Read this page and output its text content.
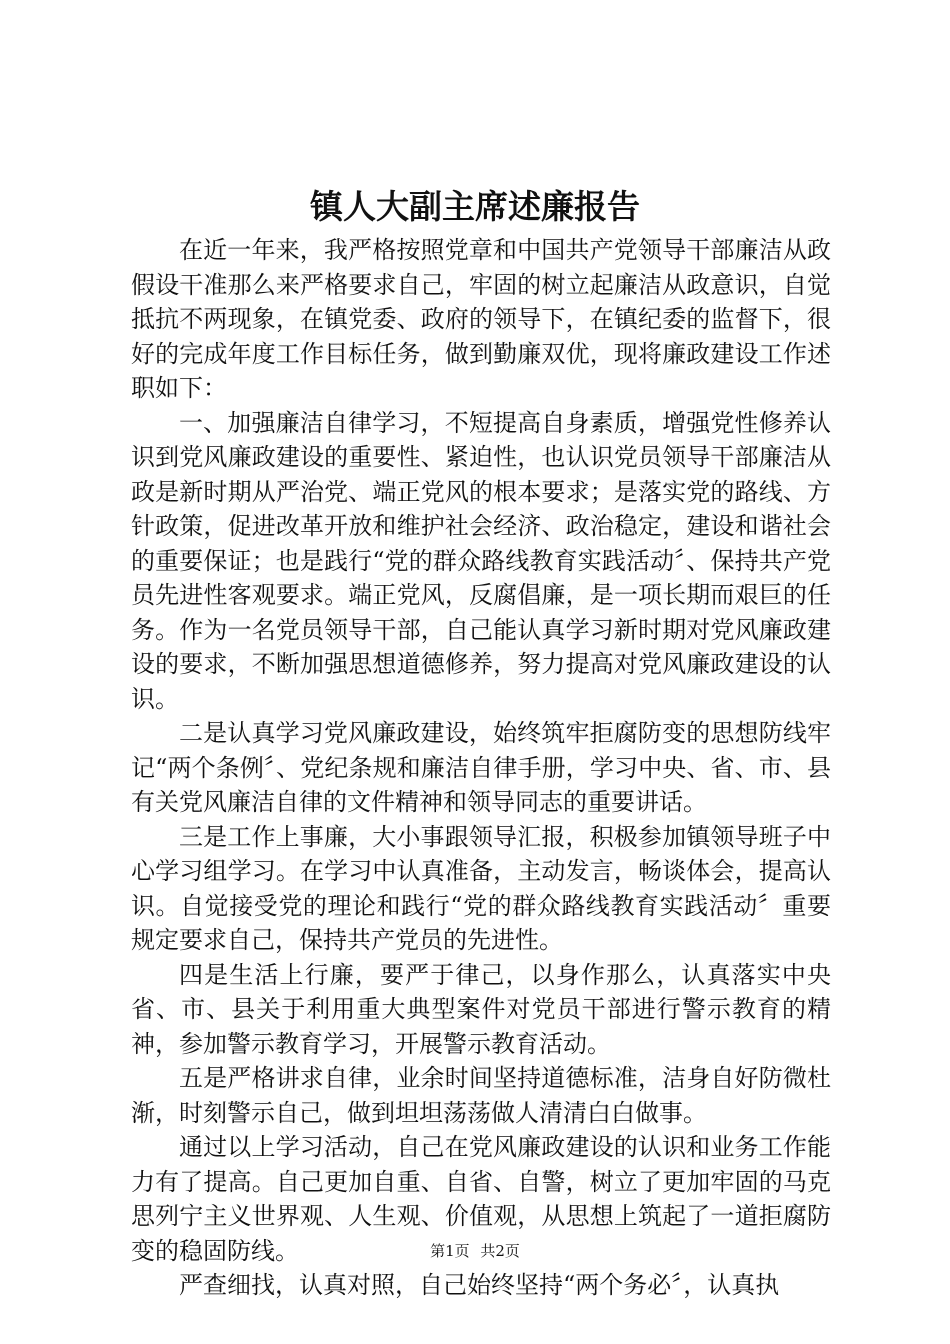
镇人大副主席述廉报告

在近一年来，我严格按照党章和中国共产党领导干部廉洁从政假设干准那么来严格要求自己，牢固的树立起廉洁从政意识，自觉抵抗不两现象，在镇党委、政府的领导下，在镇纪委的监督下，很好的完成年度工作目标任务，做到勤廉双优，现将廉政建设工作述职如下：

一、加强廉洁自律学习，不短提高自身素质，增强党性修养认识到党风廉政建设的重要性、紧迫性，也认识党员领导干部廉洁从政是新时期从严治党、端正党风的根本要求；是落实党的路线、方针政策，促进改革开放和维护社会经济、政治稳定，建设和谐社会的重要保证；也是践行“党的群众路线教育实践活动〞、保持共产党员先进性客观要求。端正党风，反腐倡廉，是一项长期而艰巨的任务。作为一名党员领导干部，自己能认真学习新时期对党风廉政建设的要求，不断加强思想道德修养，努力提高对党风廉政建设的认识。

二是认真学习党风廉政建设，始终筑牢拒腐防变的思想防线牢记“两个条例〞、党纪条规和廉洁自律手册，学习中央、省、市、县有关党风廉洁自律的文件精神和领导同志的重要讲话。

三是工作上事廉，大小事跟领导汇报，积极参加镇领导班子中心学习组学习。在学习中认真准备，主动发言，畅谈体会，提高认识。自觉接受党的理论和践行“党的群众路线教育实践活动〞重要规定要求自己，保持共产党员的先进性。

四是生活上行廉，要严于律己，以身作那么，认真落实中央省、市、县关于利用重大典型案件对党员干部进行警示教育的精神，参加警示教育学习，开展警示教育活动。

五是严格讲求自律，业余时间坚持道德标准，洁身自好防微杜渐，时刻警示自己，做到坦坦荡荡做人清清白白做事。

通过以上学习活动，自己在党风廉政建设的认识和业务工作能力有了提高。自己更加自重、自省、自警，树立了更加牢固的马克思列宁主义世界观、人生观、价值观，从思想上筑起了一道拒腐防变的稳固防线。

严查细找，认真对照，自己始终坚持“两个务必〞，认真执

第1页 共2页
